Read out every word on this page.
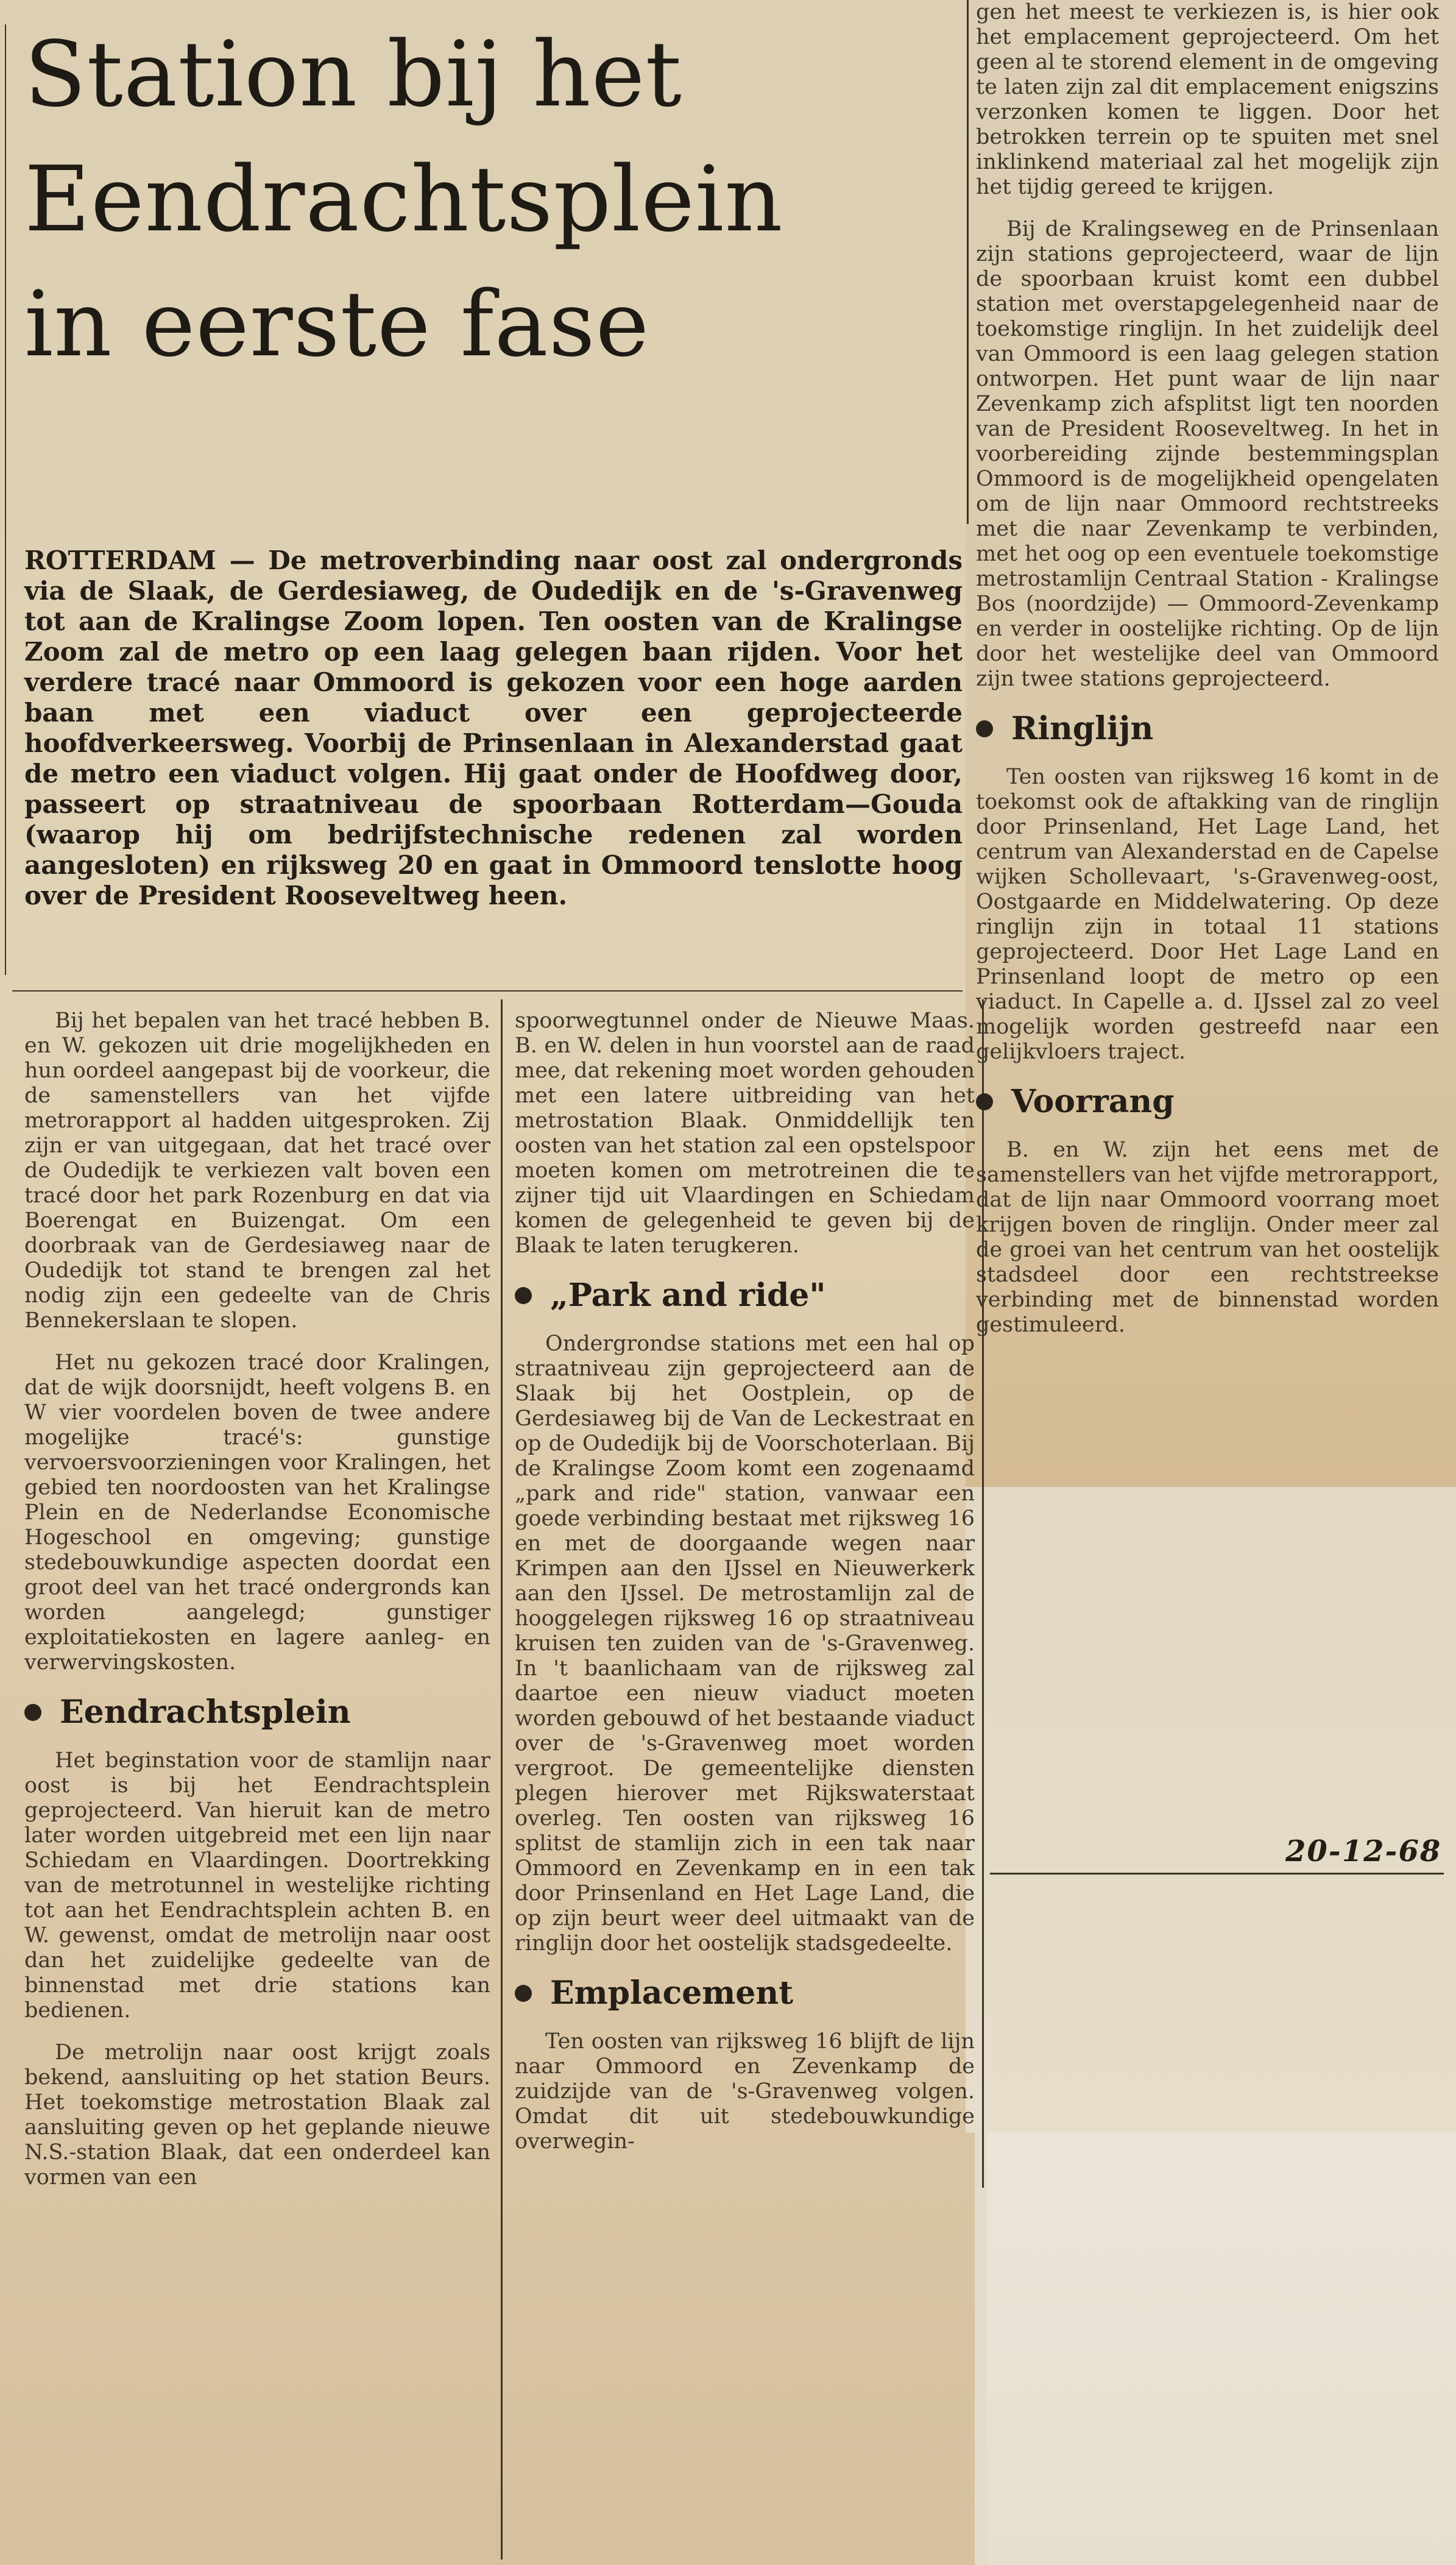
Station bij het
Eendrachtsplein
in eerste fase

ROTTERDAM — De metroverbinding naar oost zal ondergronds via de Slaak, de Gerdesiaweg, de Oudedijk en de 's-Gravenweg tot aan de Kralingse Zoom lopen. Ten oosten van de Kralingse Zoom zal de metro op een laag gelegen baan rijden. Voor het verdere tracé naar Ommoord is gekozen voor een hoge aarden baan met een viaduct over een geprojecteerde hoofdverkeersweg. Voorbij de Prinsenlaan in Alexanderstad gaat de metro een viaduct volgen. Hij gaat onder de Hoofdweg door, passeert op straatniveau de spoorbaan Rotterdam—Gouda (waarop hij om bedrijfstechnische redenen zal worden aangesloten) en rijksweg 20 en gaat in Ommoord tenslotte hoog over de President Rooseveltweg heen.

Bij het bepalen van het tracé hebben B. en W. gekozen uit drie mogelijkheden en hun oordeel aangepast bij de voorkeur, die de samenstellers van het vijfde metrorapport al hadden uitgesproken. Zij zijn er van uitgegaan, dat het tracé over de Oudedijk te verkiezen valt boven een tracé door het park Rozenburg en dat via Boerengat en Buizengat. Om een doorbraak van de Gerdesiaweg naar de Oudedijk tot stand te brengen zal het nodig zijn een gedeelte van de Chris Bennekerslaan te slopen.

Het nu gekozen tracé door Kralingen, dat de wijk doorsnijdt, heeft volgens B. en W vier voordelen boven de twee andere mogelijke tracé's: gunstige vervoersvoorzieningen voor Kralingen, het gebied ten noordoosten van het Kralingse Plein en de Nederlandse Economische Hogeschool en omgeving; gunstige stedebouwkundige aspecten doordat een groot deel van het tracé ondergronds kan worden aangelegd; gunstiger exploitatiekosten en lagere aanleg- en verwervingskosten.

Eendrachtsplein

Het beginstation voor de stamlijn naar oost is bij het Eendrachtsplein geprojecteerd. Van hieruit kan de metro later worden uitgebreid met een lijn naar Schiedam en Vlaardingen. Doortrekking van de metrotunnel in westelijke richting tot aan het Eendrachtsplein achten B. en W. gewenst, omdat de metrolijn naar oost dan het zuidelijke gedeelte van de binnenstad met drie stations kan bedienen.

De metrolijn naar oost krijgt zoals bekend, aansluiting op het station Beurs. Het toekomstige metrostation Blaak zal aansluiting geven op het geplande nieuwe N.S.-station Blaak, dat een onderdeel kan vormen van een

spoorwegtunnel onder de Nieuwe Maas. B. en W. delen in hun voorstel aan de raad mee, dat rekening moet worden gehouden met een latere uitbreiding van het metrostation Blaak. Onmiddellijk ten oosten van het station zal een opstelspoor moeten komen om metrotreinen die te zijner tijd uit Vlaardingen en Schiedam komen de gelegenheid te geven bij de Blaak te laten terugkeren.

„Park and ride"

Ondergrondse stations met een hal op straatniveau zijn geprojecteerd aan de Slaak bij het Oostplein, op de Gerdesiaweg bij de Van de Leckestraat en op de Oudedijk bij de Voorschoterlaan. Bij de Kralingse Zoom komt een zogenaamd „park and ride" station, vanwaar een goede verbinding bestaat met rijksweg 16 en met de doorgaande wegen naar Krimpen aan den IJssel en Nieuwerkerk aan den IJssel. De metrostamlijn zal de hooggelegen rijksweg 16 op straatniveau kruisen ten zuiden van de 's-Gravenweg. In 't baanlichaam van de rijksweg zal daartoe een nieuw viaduct moeten worden gebouwd of het bestaande viaduct over de 's-Gravenweg moet worden vergroot. De gemeentelijke diensten plegen hierover met Rijkswaterstaat overleg. Ten oosten van rijksweg 16 splitst de stamlijn zich in een tak naar Ommoord en Zevenkamp en in een tak door Prinsenland en Het Lage Land, die op zijn beurt weer deel uitmaakt van de ringlijn door het oostelijk stadsgedeelte.

Emplacement

Ten oosten van rijksweg 16 blijft de lijn naar Ommoord en Zevenkamp de zuidzijde van de 's-Gravenweg volgen. Omdat dit uit stedebouwkundige overwegin-

gen het meest te verkiezen is, is hier ook het emplacement geprojecteerd. Om het geen al te storend element in de omgeving te laten zijn zal dit emplacement enigszins verzonken komen te liggen. Door het betrokken terrein op te spuiten met snel inklinkend materiaal zal het mogelijk zijn het tijdig gereed te krijgen.

Bij de Kralingseweg en de Prinsenlaan zijn stations geprojecteerd, waar de lijn de spoorbaan kruist komt een dubbel station met overstapgelegenheid naar de toekomstige ringlijn. In het zuidelijk deel van Ommoord is een laag gelegen station ontworpen. Het punt waar de lijn naar Zevenkamp zich afsplitst ligt ten noorden van de President Rooseveltweg. In het in voorbereiding zijnde bestemmingsplan Ommoord is de mogelijkheid opengelaten om de lijn naar Ommoord rechtstreeks met die naar Zevenkamp te verbinden, met het oog op een eventuele toekomstige metrostamlijn Centraal Station - Kralingse Bos (noordzijde) — Ommoord-Zevenkamp en verder in oostelijke richting. Op de lijn door het westelijke deel van Ommoord zijn twee stations geprojecteerd.

Ringlijn

Ten oosten van rijksweg 16 komt in de toekomst ook de aftakking van de ringlijn door Prinsenland, Het Lage Land, het centrum van Alexanderstad en de Capelse wijken Schollevaart, 's-Gravenweg-oost, Oostgaarde en Middelwatering. Op deze ringlijn zijn in totaal 11 stations geprojecteerd. Door Het Lage Land en Prinsenland loopt de metro op een viaduct. In Capelle a. d. IJssel zal zo veel mogelijk worden gestreefd naar een gelijkvloers traject.

Voorrang

B. en W. zijn het eens met de samenstellers van het vijfde metrorapport, dat de lijn naar Ommoord voorrang moet krijgen boven de ringlijn. Onder meer zal de groei van het centrum van het oostelijk stadsdeel door een rechtstreekse verbinding met de binnenstad worden gestimuleerd.

20-12-68
